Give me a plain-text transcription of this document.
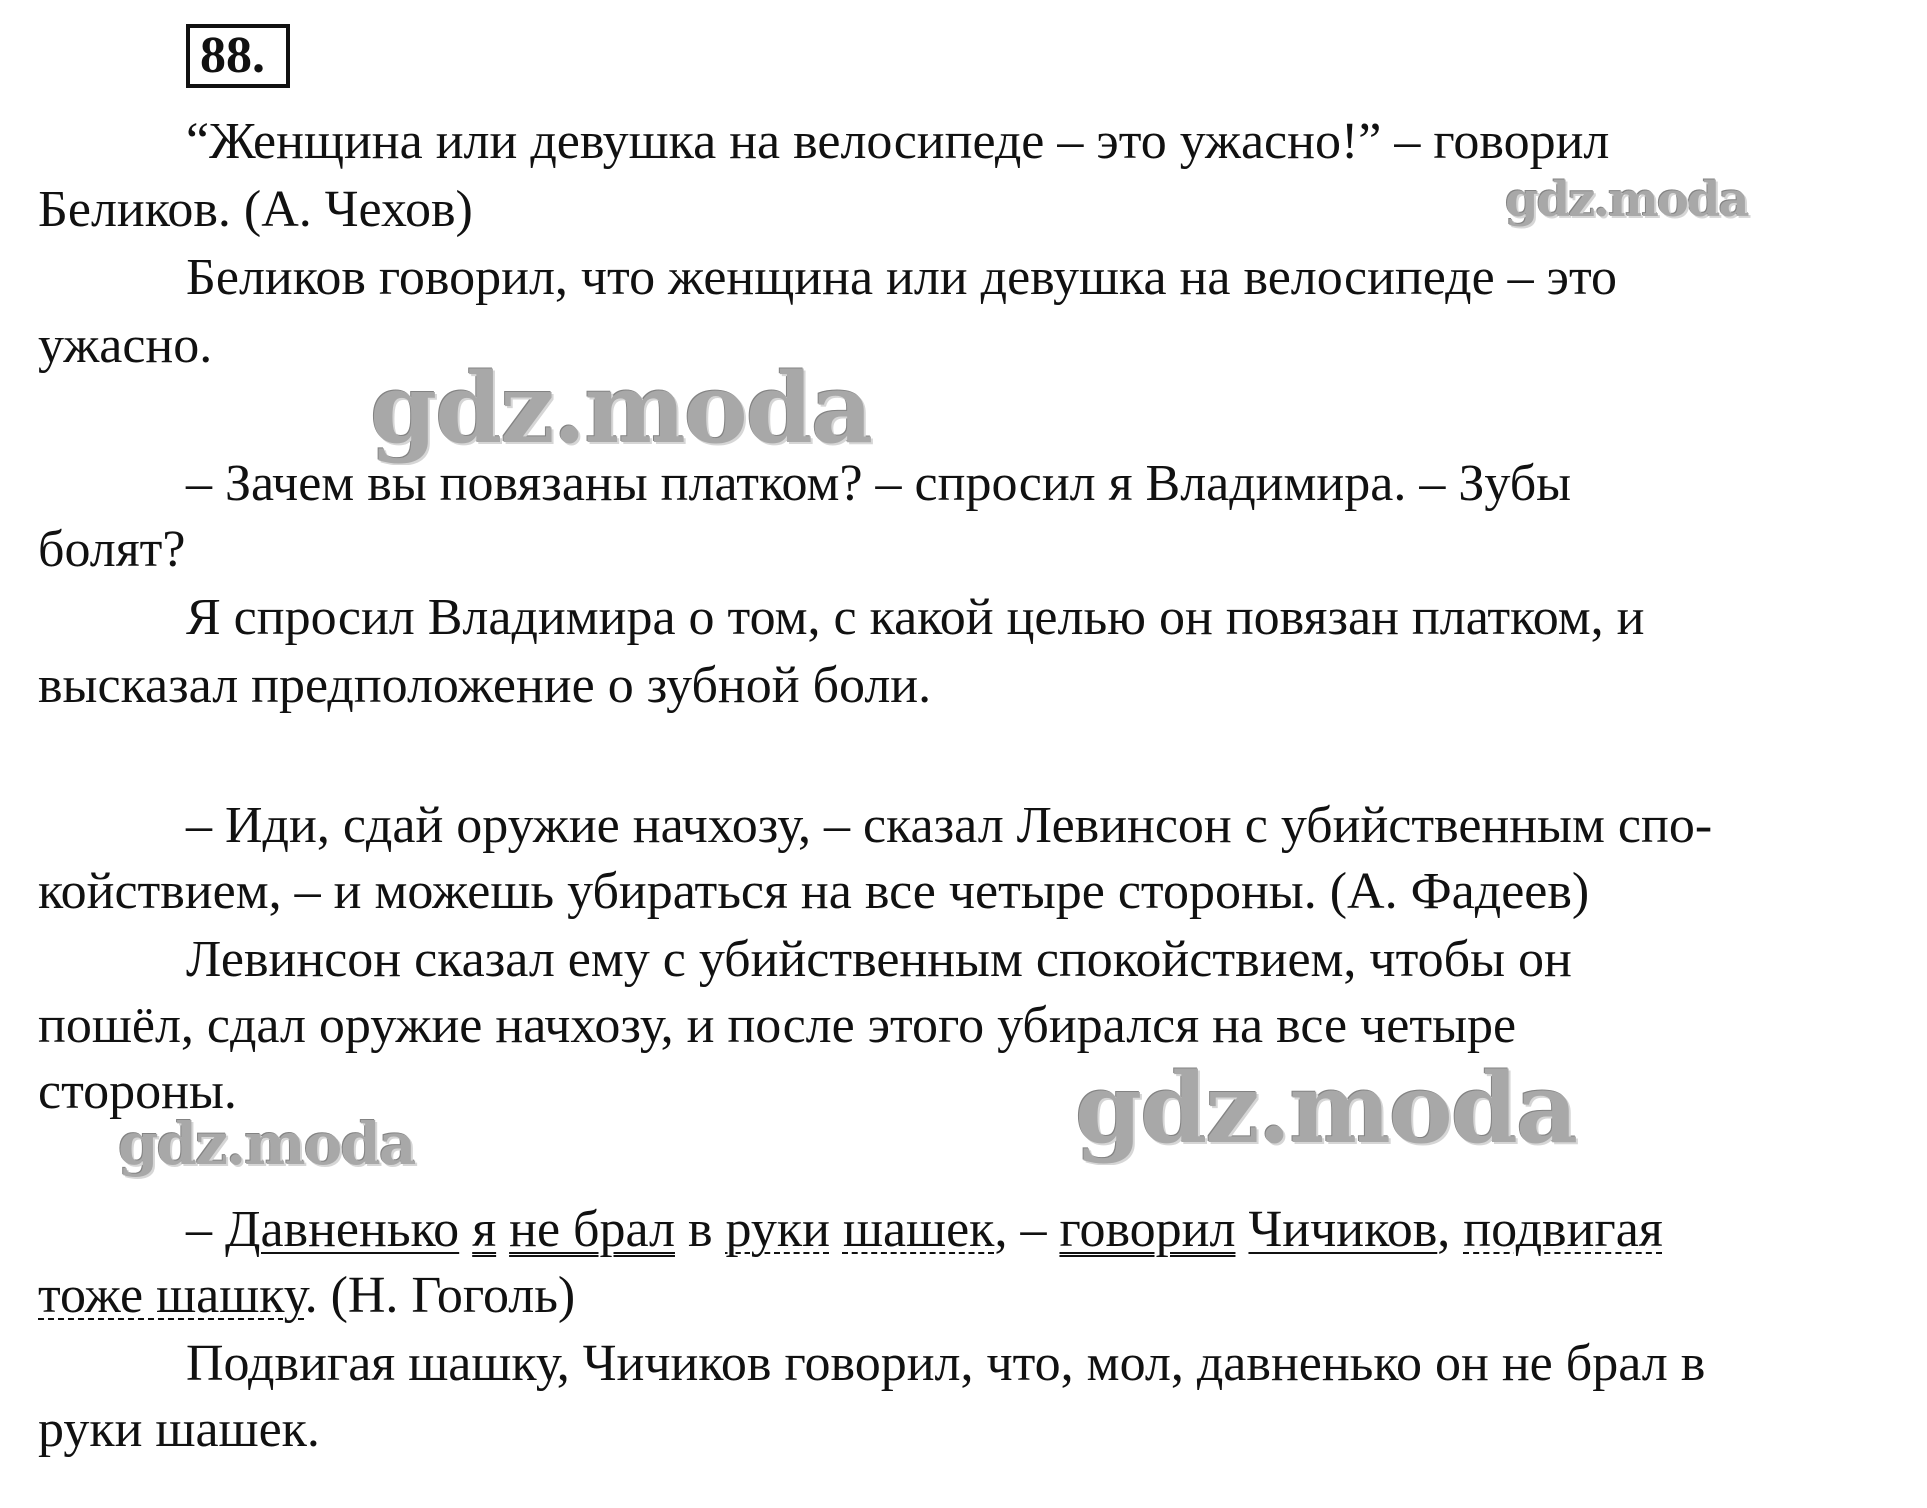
88.
“Женщина или девушка на велосипеде – это ужасно!” – говорил
Беликов. (А. Чехов)
Беликов говорил, что женщина или девушка на велосипеде – это
ужасно.
– Зачем вы повязаны платком? – спросил я Владимира. – Зубы
болят?
Я спросил Владимира о том, с какой целью он повязан платком, и
высказал предположение о зубной боли.
– Иди, сдай оружие начхозу, – сказал Левинсон с убийственным спо-
койствием, – и можешь убираться на все четыре стороны. (А. Фадеев)
Левинсон сказал ему с убийственным спокойствием, чтобы он
пошёл, сдал оружие начхозу, и после этого убирался на все четыре
стороны.
– Давненько я не брал в руки шашек, – говорил Чичиков, подвигая
тоже шашку. (Н. Гоголь)
Подвигая шашку, Чичиков говорил, что, мол, давненько он не брал в
руки шашек.
gdz.moda
gdz.moda
gdz.moda	gdz.moda
